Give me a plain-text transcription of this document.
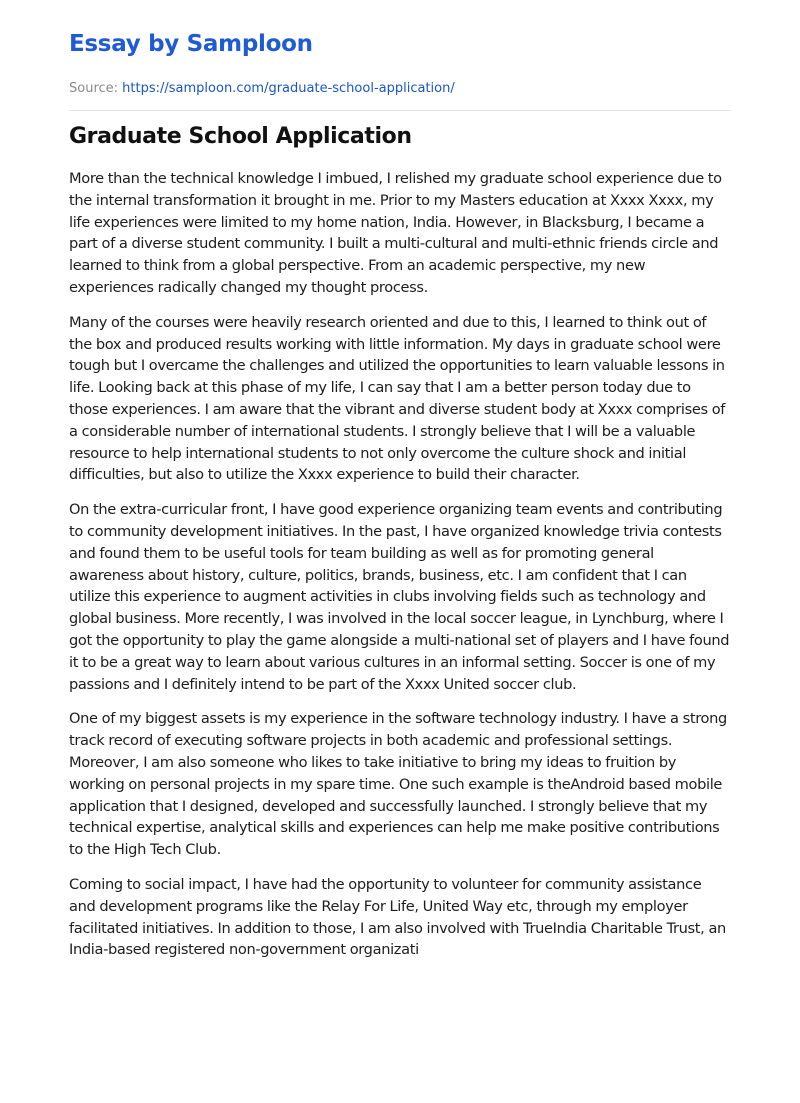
Essay by Samploon
Source: https://samploon.com/graduate-school-application/
Graduate School Application

More than the technical knowledge I imbued, I relished my graduate school experience due to the internal transformation it brought in me. Prior to my Masters education at Xxxx Xxxx, my life experiences were limited to my home nation, India. However, in Blacksburg, I became a part of a diverse student community. I built a multi-cultural and multi-ethnic friends circle and learned to think from a global perspective. From an academic perspective, my new experiences radically changed my thought process.

Many of the courses were heavily research oriented and due to this, I learned to think out of the box and produced results working with little information. My days in graduate school were tough but I overcame the challenges and utilized the opportunities to learn valuable lessons in life. Looking back at this phase of my life, I can say that I am a better person today due to those experiences. I am aware that the vibrant and diverse student body at Xxxx comprises of a considerable number of international students. I strongly believe that I will be a valuable resource to help international students to not only overcome the culture shock and initial difficulties, but also to utilize the Xxxx experience to build their character.

On the extra-curricular front, I have good experience organizing team events and contributing to community development initiatives. In the past, I have organized knowledge trivia contests and found them to be useful tools for team building as well as for promoting general awareness about history, culture, politics, brands, business, etc. I am confident that I can utilize this experience to augment activities in clubs involving fields such as technology and global business. More recently, I was involved in the local soccer league, in Lynchburg, where I got the opportunity to play the game alongside a multi-national set of players and I have found it to be a great way to learn about various cultures in an informal setting. Soccer is one of my passions and I definitely intend to be part of the Xxxx United soccer club.

One of my biggest assets is my experience in the software technology industry. I have a strong track record of executing software projects in both academic and professional settings. Moreover, I am also someone who likes to take initiative to bring my ideas to fruition by working on personal projects in my spare time. One such example is theAndroid based mobile application that I designed, developed and successfully launched. I strongly believe that my technical expertise, analytical skills and experiences can help me make positive contributions to the High Tech Club.

Coming to social impact, I have had the opportunity to volunteer for community assistance and development programs like the Relay For Life, United Way etc, through my employer facilitated initiatives. In addition to those, I am also involved with TrueIndia Charitable Trust, an India-based registered non-government organizati
